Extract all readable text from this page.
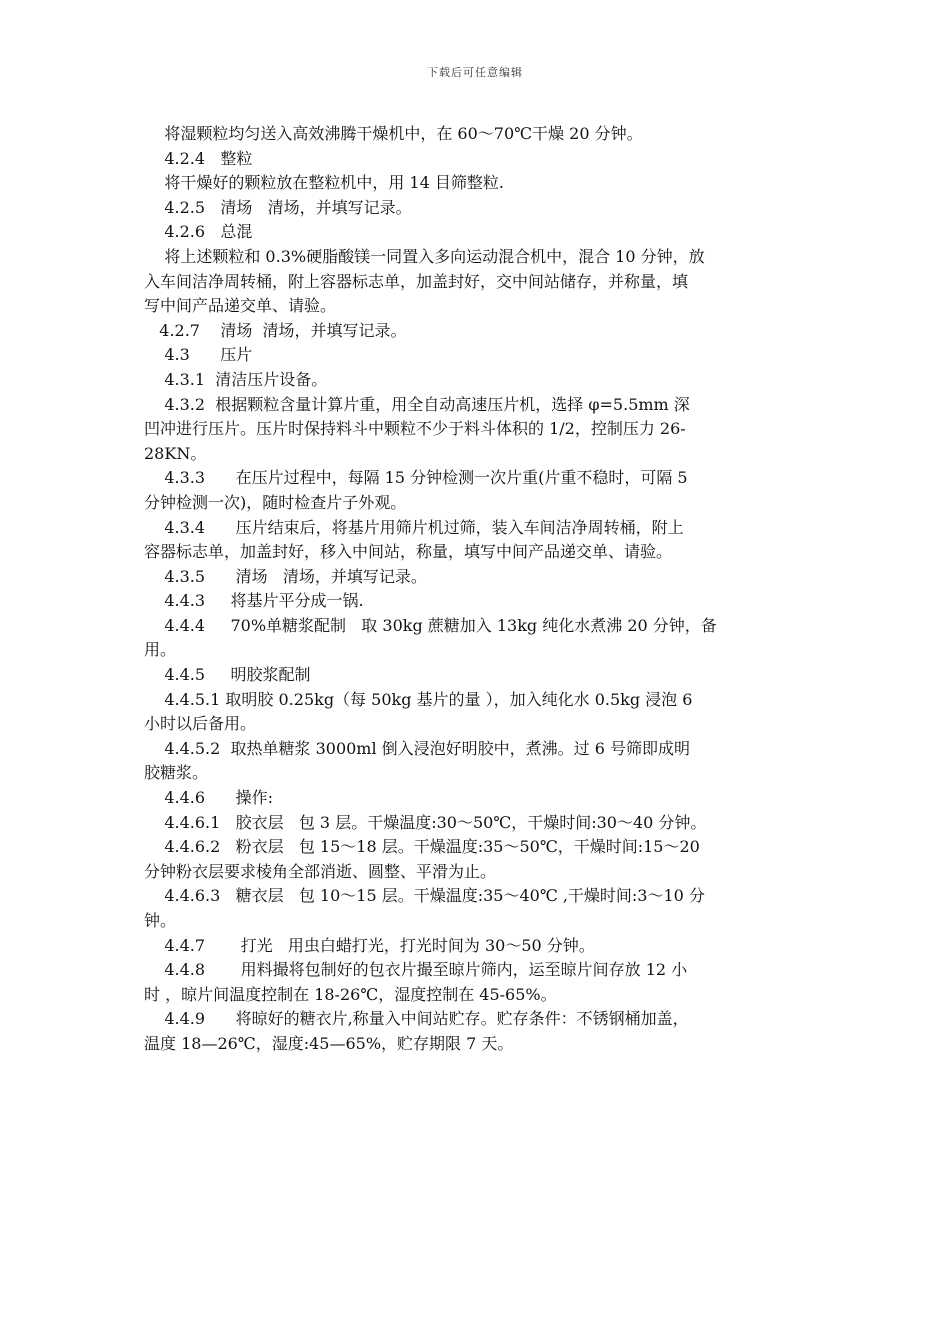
下载后可任意编辑
将湿颗粒均匀送入高效沸腾干燥机中，在 60～70℃干燥 20 分钟。
4.2.4   整粒
将干燥好的颗粒放在整粒机中，用 14 目筛整粒.
4.2.5   清场   清场，并填写记录。
4.2.6   总混
将上述颗粒和 0.3%硬脂酸镁一同置入多向运动混合机中，混合 10 分钟，放
入车间洁净周转桶，附上容器标志单，加盖封好，交中间站储存，并称量，填
写中间产品递交单、请验。
4.2.7    清场  清场，并填写记录。
4.3      压片
4.3.1  清洁压片设备。
4.3.2  根据颗粒含量计算片重，用全自动高速压片机，选择 φ=5.5mm 深
凹冲进行压片。压片时保持料斗中颗粒不少于料斗体积的 1/2，控制压力 26-
28KN。
4.3.3      在压片过程中，每隔 15 分钟检测一次片重(片重不稳时，可隔 5
分钟检测一次)，随时检查片子外观。
4.3.4      压片结束后，将基片用筛片机过筛，装入车间洁净周转桶，附上
容器标志单，加盖封好，移入中间站，称量，填写中间产品递交单、请验。
4.3.5      清场   清场，并填写记录。
4.4.3     将基片平分成一锅.
4.4.4     70%单糖浆配制   取 30kg 蔗糖加入 13kg 纯化水煮沸 20 分钟，备
用。
4.4.5     明胶浆配制
4.4.5.1 取明胶 0.25kg（每 50kg 基片的量 ），加入纯化水 0.5kg 浸泡 6
小时以后备用。
4.4.5.2  取热单糖浆 3000ml 倒入浸泡好明胶中，煮沸。过 6 号筛即成明
胶糖浆。
4.4.6      操作:
4.4.6.1   胶衣层   包 3 层。干燥温度:30～50℃，干燥时间:30～40 分钟。
4.4.6.2   粉衣层   包 15～18 层。干燥温度:35～50℃，干燥时间:15～20
分钟粉衣层要求棱角全部消逝、圆整、平滑为止。
4.4.6.3   糖衣层   包 10～15 层。干燥温度:35～40℃ ,干燥时间:3～10 分
钟。
4.4.7       打光   用虫白蜡打光，打光时间为 30～50 分钟。
4.4.8       用料撮将包制好的包衣片撮至晾片筛内，运至晾片间存放 12 小
时 ，晾片间温度控制在 18-26℃，湿度控制在 45-65%。
4.4.9      将晾好的糖衣片,称量入中间站贮存。贮存条件：不锈钢桶加盖，
温度 18—26℃，湿度:45—65%，贮存期限 7 天。
